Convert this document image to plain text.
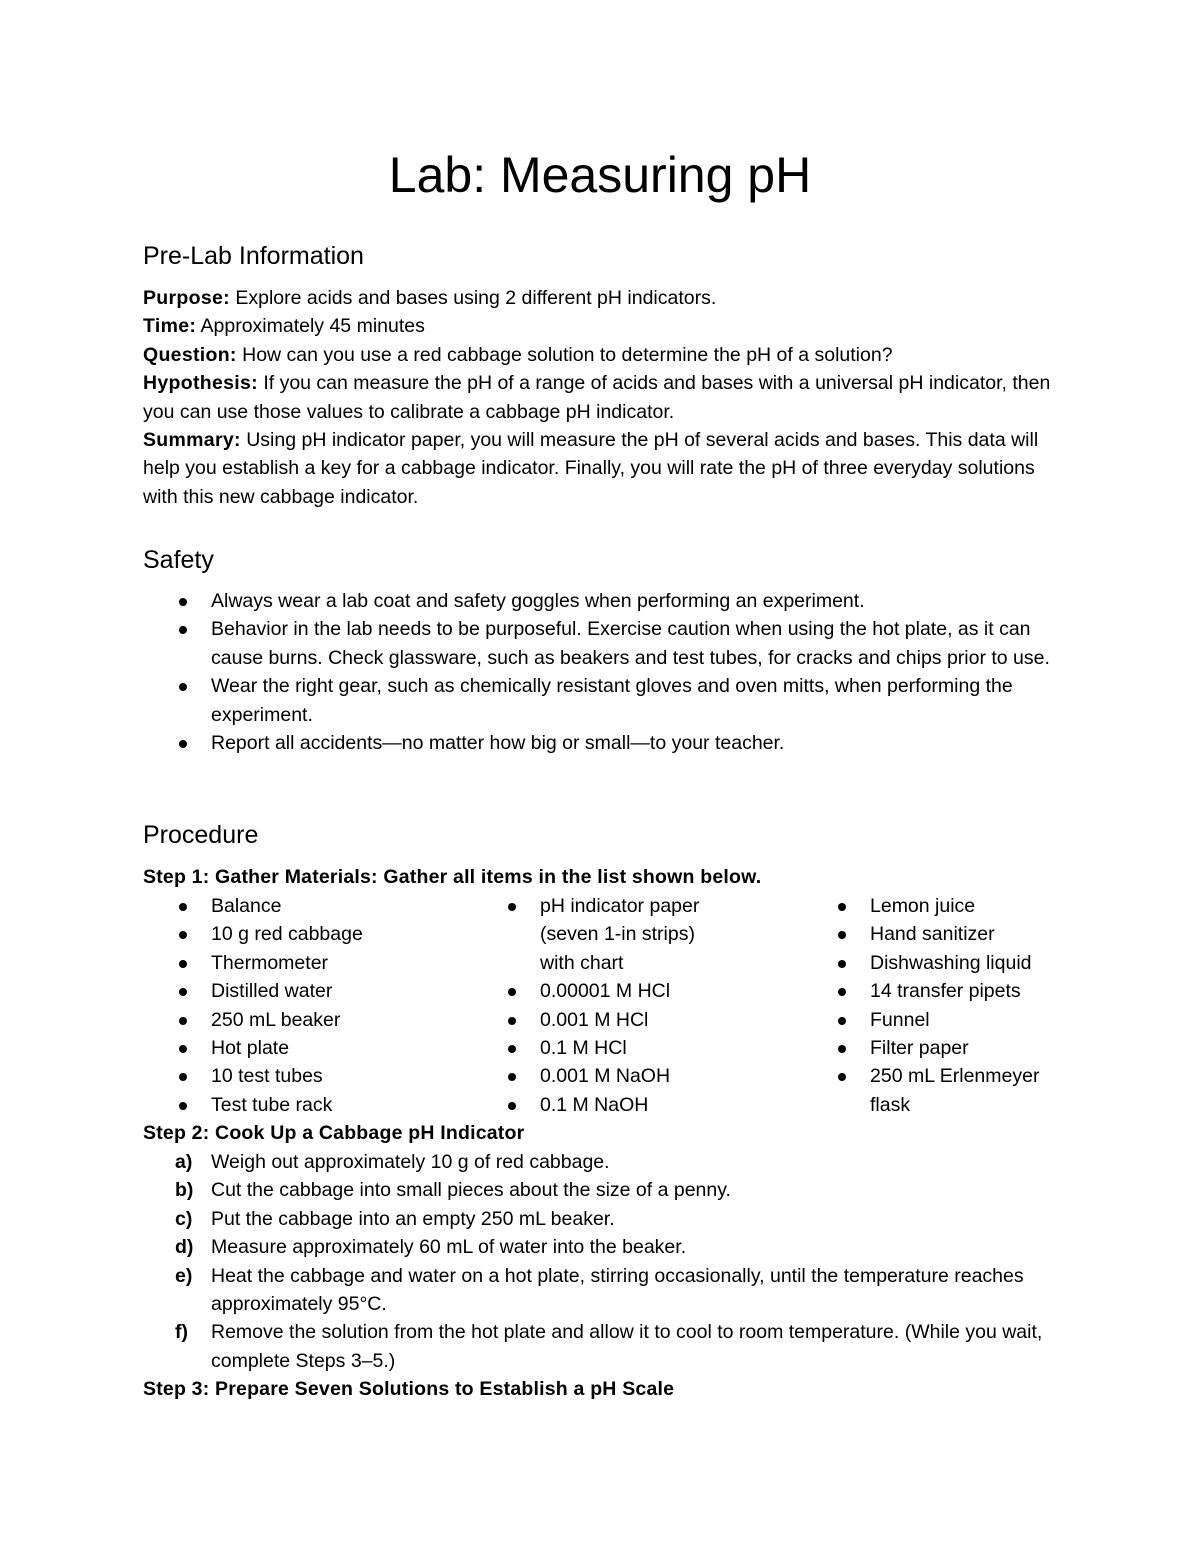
Lab: Measuring pH
Pre-Lab Information

Purpose: Explore acids and bases using 2 different pH indicators.
Time: Approximately 45 minutes
Question: How can you use a red cabbage solution to determine the pH of a solution?
Hypothesis: If you can measure the pH of a range of acids and bases with a universal pH indicator, then you can use those values to calibrate a cabbage pH indicator.
Summary: Using pH indicator paper, you will measure the pH of several acids and bases. This data will help you establish a key for a cabbage indicator. Finally, you will rate the pH of three everyday solutions with this new cabbage indicator.

Safety
Always wear a lab coat and safety goggles when performing an experiment.
Behavior in the lab needs to be purposeful. Exercise caution when using the hot plate, as it can cause burns. Check glassware, such as beakers and test tubes, for cracks and chips prior to use.
Wear the right gear, such as chemically resistant gloves and oven mitts, when performing the experiment.
Report all accidents—no matter how big or small—to your teacher.
Procedure

Step 1: Gather Materials: Gather all items in the list shown below.

Balance
10 g red cabbage
Thermometer
Distilled water
250 mL beaker
Hot plate
10 test tubes
Test tube rack
pH indicator paper (seven 1-in strips) with chart
0.00001 M HCl
0.001 M HCl
0.1 M HCl
0.001 M NaOH
0.1 M NaOH
Lemon juice
Hand sanitizer
Dishwashing liquid
14 transfer pipets
Funnel
Filter paper
250 mL Erlenmeyer flask

Step 2: Cook Up a Cabbage pH Indicator

a) Weigh out approximately 10 g of red cabbage.
b) Cut the cabbage into small pieces about the size of a penny.
c) Put the cabbage into an empty 250 mL beaker.
d) Measure approximately 60 mL of water into the beaker.
e) Heat the cabbage and water on a hot plate, stirring occasionally, until the temperature reaches approximately 95°C.
f) Remove the solution from the hot plate and allow it to cool to room temperature. (While you wait, complete Steps 3–5.)

Step 3: Prepare Seven Solutions to Establish a pH Scale
